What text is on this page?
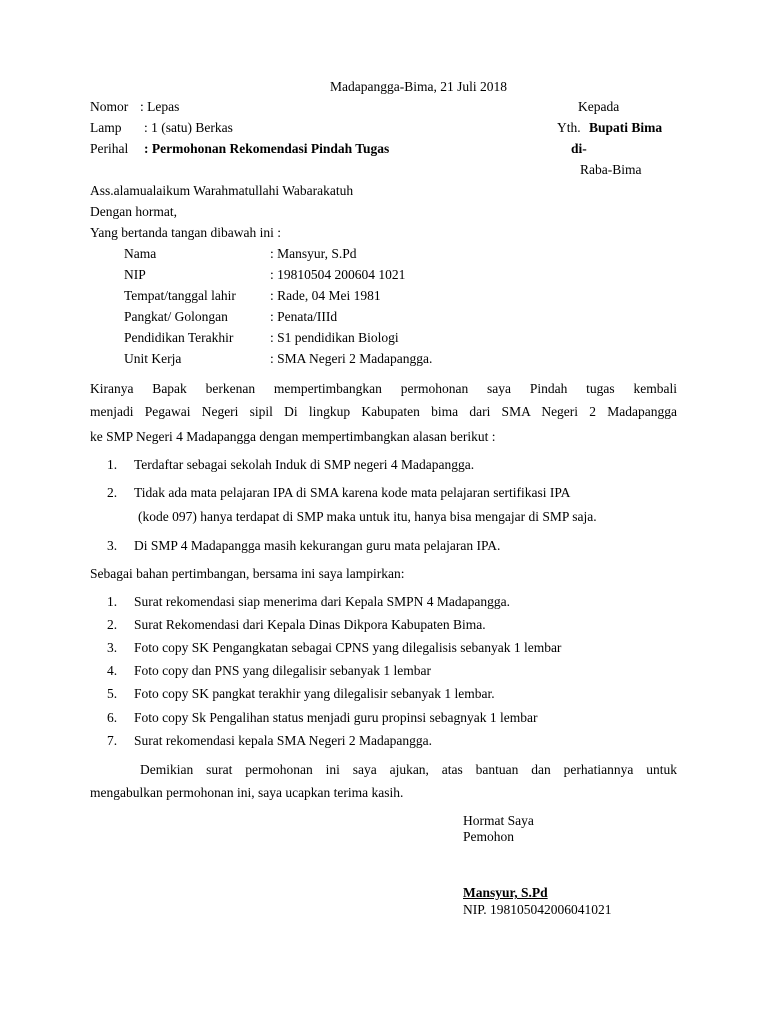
Madapangga-Bima, 21 Juli 2018
Nomor : Lepas
Lamp : 1 (satu) Berkas
Perihal : Permohonan Rekomendasi Pindah Tugas
Kepada
Yth. Bupati Bima
di-
Raba-Bima
Ass.alamualaikum Warahmatullahi Wabarakatuh
Dengan hormat,
Yang bertanda tangan dibawah ini :
Nama	: Mansyur, S.Pd
NIP	: 19810504 200604 1021
Tempat/tanggal lahir	: Rade, 04 Mei 1981
Pangkat/ Golongan	: Penata/IIId
Pendidikan Terakhir	: S1 pendidikan Biologi
Unit Kerja	: SMA Negeri 2 Madapangga.
Kiranya Bapak berkenan mempertimbangkan permohonan saya Pindah tugas kembali
menjadi Pegawai Negeri sipil Di lingkup Kabupaten bima dari SMA Negeri 2 Madapangga
ke SMP Negeri 4 Madapangga dengan mempertimbangkan alasan berikut :
1. Terdaftar sebagai sekolah Induk di SMP negeri 4 Madapangga.
2. Tidak ada mata pelajaran IPA di SMA karena kode mata pelajaran sertifikasi IPA
(kode 097) hanya terdapat di SMP maka untuk itu, hanya bisa mengajar di SMP saja.
3. Di SMP 4 Madapangga masih kekurangan guru mata pelajaran IPA.
Sebagai bahan pertimbangan, bersama ini saya lampirkan:
1. Surat rekomendasi siap menerima dari Kepala SMPN 4 Madapangga.
2. Surat Rekomendasi dari Kepala Dinas Dikpora Kabupaten Bima.
3. Foto copy SK Pengangkatan sebagai CPNS yang dilegalisis sebanyak 1 lembar
4. Foto copy dan PNS yang dilegalisir sebanyak 1 lembar
5. Foto copy SK pangkat terakhir yang dilegalisir sebanyak 1 lembar.
6. Foto copy Sk Pengalihan status menjadi guru propinsi sebagnyak 1 lembar
7. Surat rekomendasi kepala SMA Negeri 2 Madapangga.
Demikian surat permohonan ini saya ajukan, atas bantuan dan perhatiannya untuk
mengabulkan permohonan ini, saya ucapkan terima kasih.
Hormat Saya
Pemohon
Mansyur, S.Pd
NIP. 198105042006041021
